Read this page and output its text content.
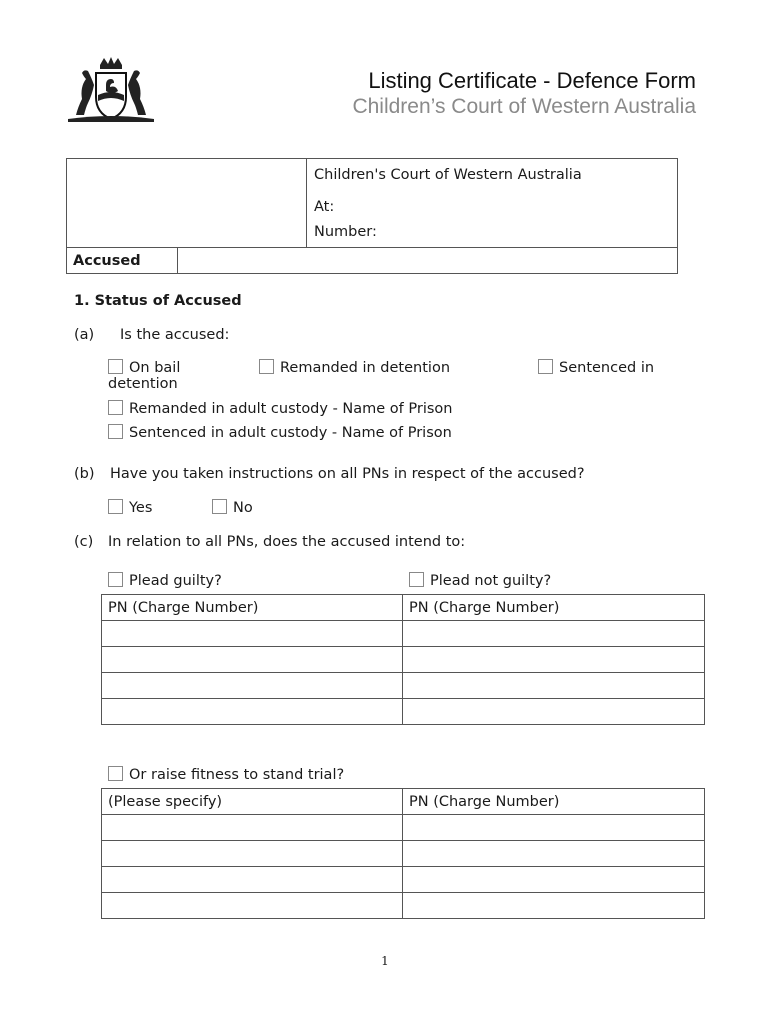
Listing Certificate - Defence Form
Children’s Court of Western Australia
Children's Court of Western Australia
At:
Number:
Accused
1. Status of Accused
(a) Is the accused:
On bail	Remanded in detention	Sentenced in
detention
Remanded in adult custody - Name of Prison
Sentenced in adult custody - Name of Prison
(b) Have you taken instructions on all PNs in respect of the accused?
Yes	No
(c) In relation to all PNs, does the accused intend to:
Plead guilty?	Plead not guilty?
PN (Charge Number)	PN (Charge Number)

Or raise fitness to stand trial?
(Please specify)	PN (Charge Number)

1
